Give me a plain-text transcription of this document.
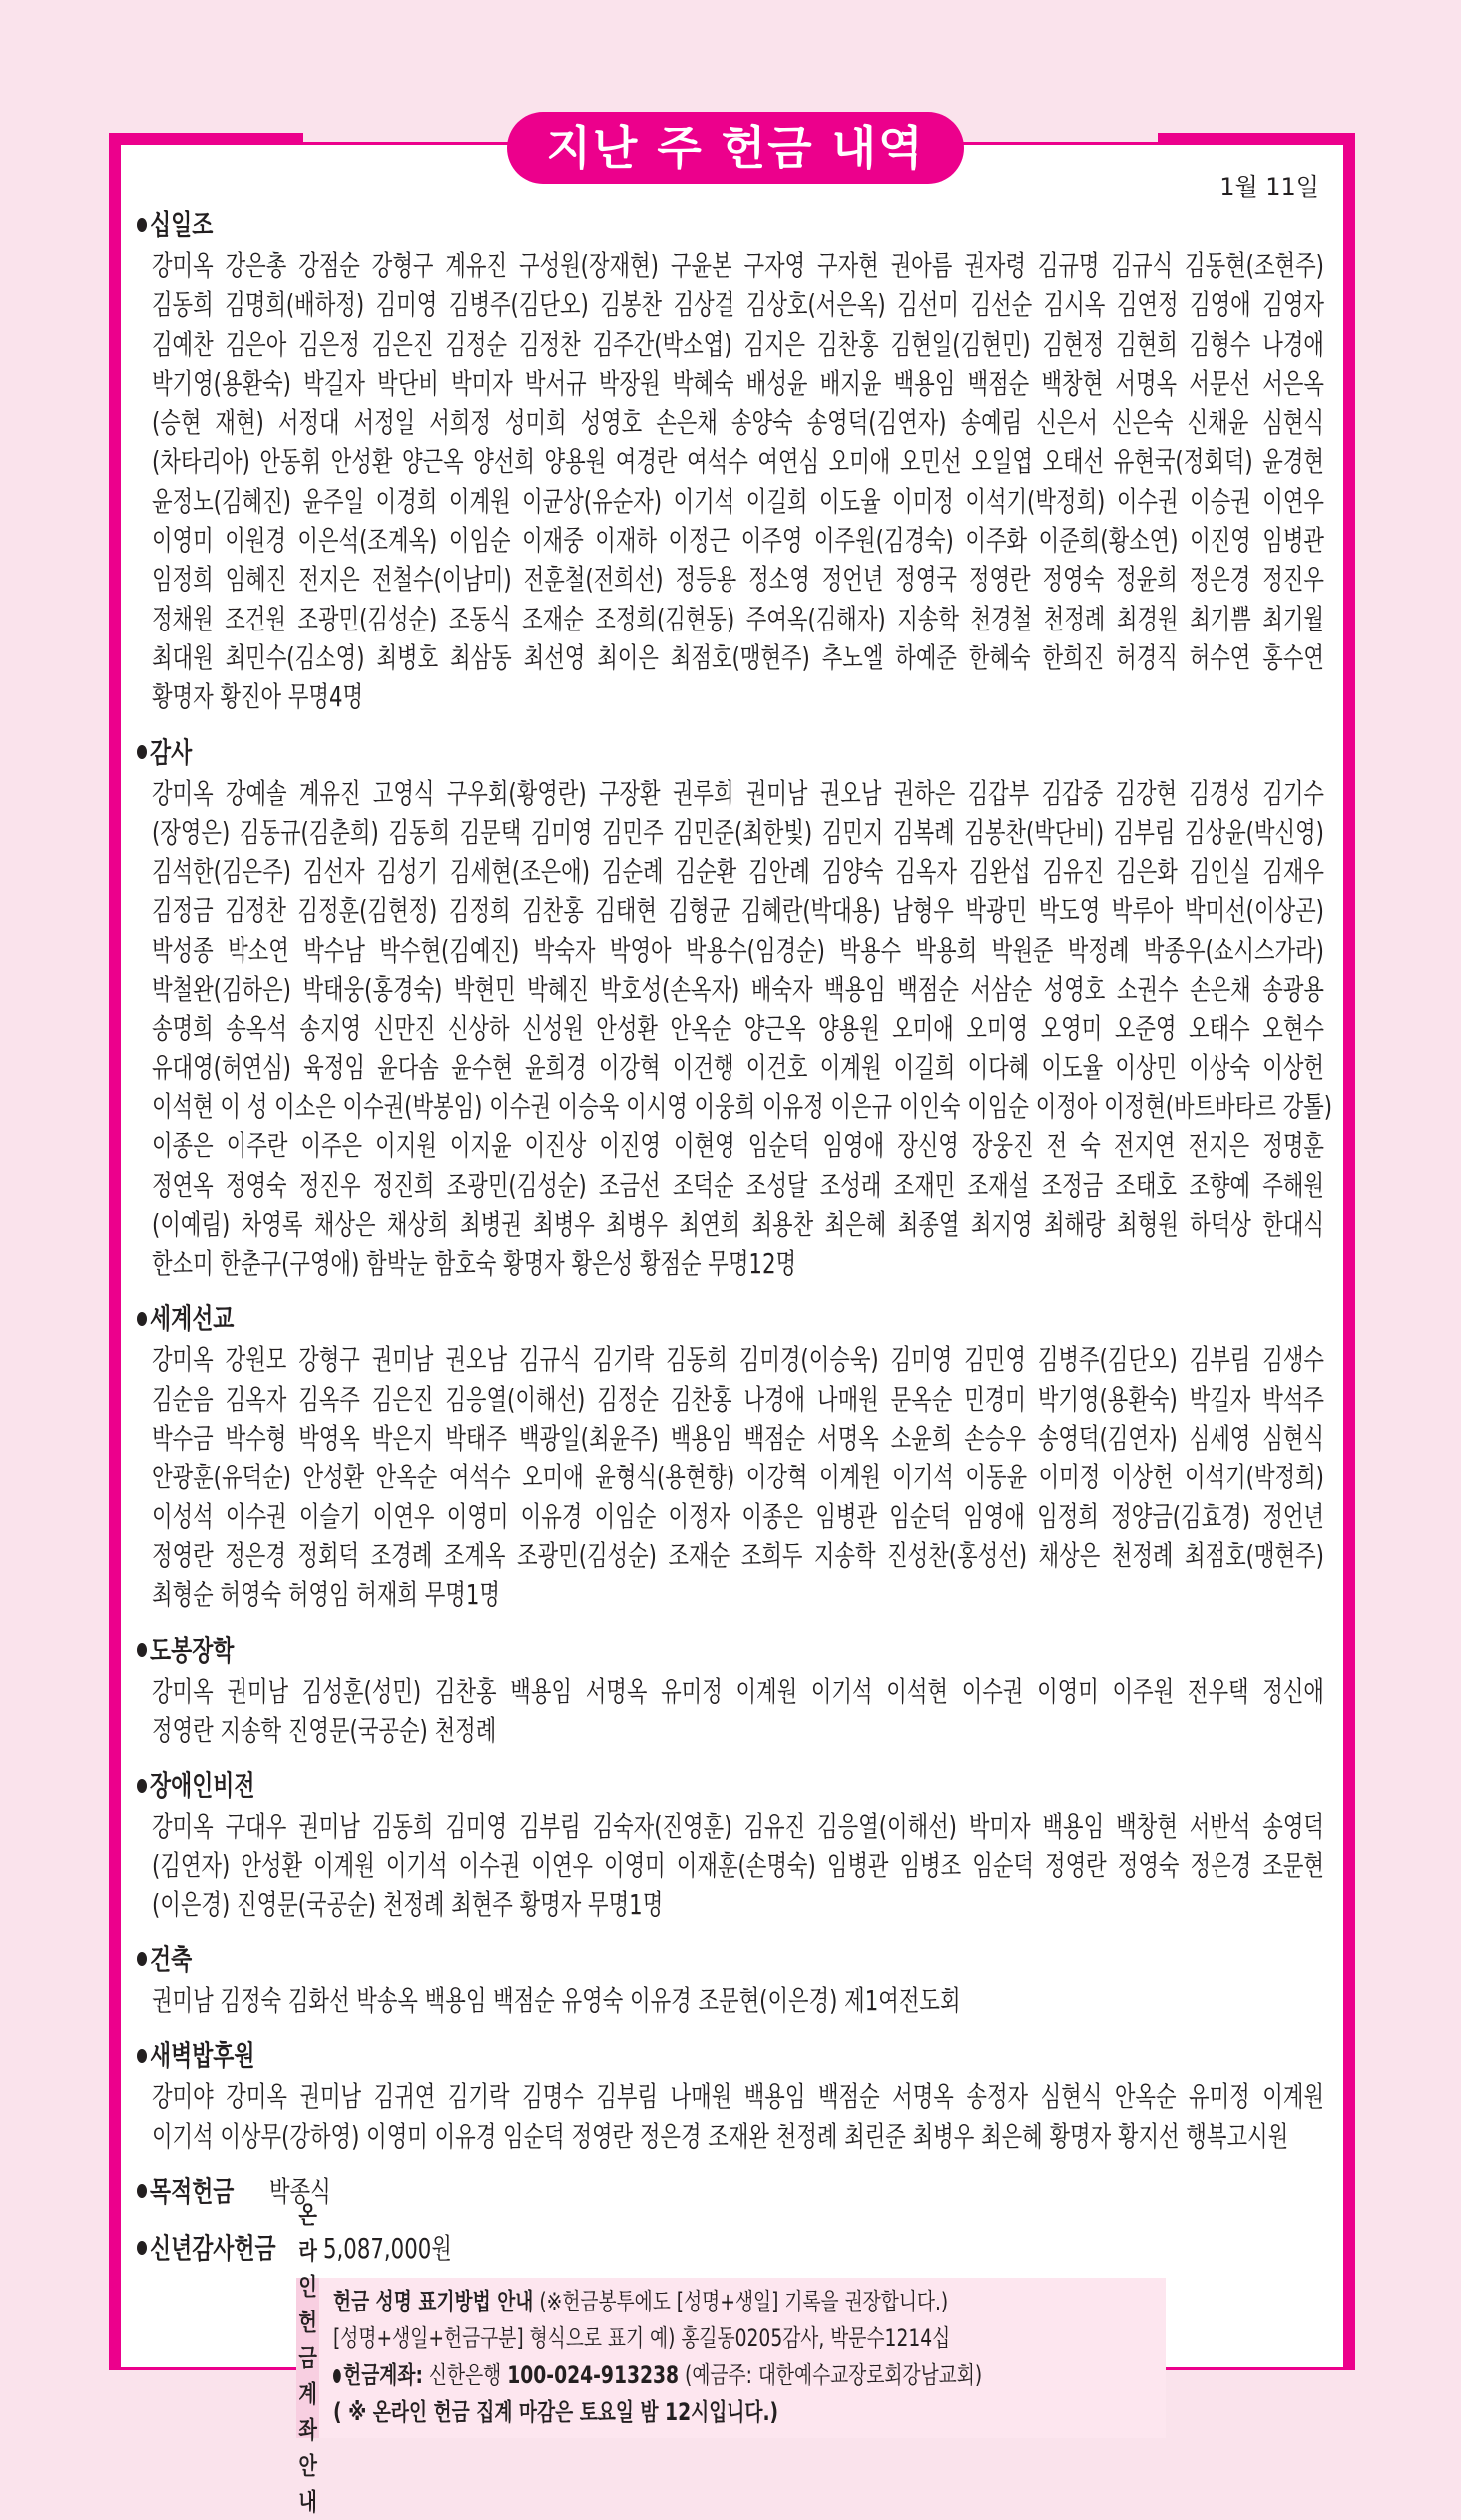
지난 주 헌금 내역
1월 11일
십일조
강미옥 강은총 강점순 강형구 계유진 구성원(장재현) 구윤본 구자영 구자현 권아름 권자령 김규명 김규식 김동현(조현주)
김동희 김명희(배하정) 김미영 김병주(김단오) 김봉찬 김상걸 김상호(서은옥) 김선미 김선순 김시옥 김연정 김영애 김영자
김예찬 김은아 김은정 김은진 김정순 김정찬 김주간(박소엽) 김지은 김찬홍 김현일(김현민) 김현정 김현희 김형수 나경애
박기영(용환숙) 박길자 박단비 박미자 박서규 박장원 박혜숙 배성윤 배지윤 백용임 백점순 백창현 서명옥 서문선 서은옥
(승현 재현) 서정대 서정일 서희정 성미희 성영호 손은채 송양숙 송영덕(김연자) 송예림 신은서 신은숙 신채윤 심현식
(차타리아) 안동휘 안성환 양근옥 양선희 양용원 여경란 여석수 여연심 오미애 오민선 오일엽 오태선 유현국(정회덕) 윤경현
윤정노(김혜진) 윤주일 이경희 이계원 이균상(유순자) 이기석 이길희 이도율 이미정 이석기(박정희) 이수권 이승권 이연우
이영미 이원경 이은석(조계옥) 이임순 이재중 이재하 이정근 이주영 이주원(김경숙) 이주화 이준희(황소연) 이진영 임병관
임정희 임혜진 전지은 전철수(이남미) 전훈철(전희선) 정등용 정소영 정언년 정영국 정영란 정영숙 정윤희 정은경 정진우
정채원 조건원 조광민(김성순) 조동식 조재순 조정희(김현동) 주여옥(김해자) 지송학 천경철 천정례 최경원 최기쁨 최기월
최대원 최민수(김소영) 최병호 최삼동 최선영 최이은 최점호(맹현주) 추노엘 하예준 한혜숙 한희진 허경직 허수연 홍수연
황명자 황진아 무명4명
감사
강미옥 강예솔 계유진 고영식 구우회(황영란) 구장환 권루희 권미남 권오남 권하은 김갑부 김갑중 김강현 김경성 김기수
(장영은) 김동규(김춘희) 김동희 김문택 김미영 김민주 김민준(최한빛) 김민지 김복례 김봉찬(박단비) 김부림 김상윤(박신영)
김석한(김은주) 김선자 김성기 김세현(조은애) 김순례 김순환 김안례 김양숙 김옥자 김완섭 김유진 김은화 김인실 김재우
김정금 김정찬 김정훈(김현정) 김정희 김찬홍 김태현 김형균 김혜란(박대용) 남형우 박광민 박도영 박루아 박미선(이상곤)
박성종 박소연 박수남 박수현(김예진) 박숙자 박영아 박용수(임경순) 박용수 박용희 박원준 박정례 박종우(쇼시스가라)
박철완(김하은) 박태웅(홍경숙) 박현민 박혜진 박호성(손옥자) 배숙자 백용임 백점순 서삼순 성영호 소권수 손은채 송광용
송명희 송옥석 송지영 신만진 신상하 신성원 안성환 안옥순 양근옥 양용원 오미애 오미영 오영미 오준영 오태수 오현수
유대영(허연심) 육정임 윤다솜 윤수현 윤희경 이강혁 이건행 이건호 이계원 이길희 이다혜 이도율 이상민 이상숙 이상헌
이석현 이 성 이소은 이수권(박봉임) 이수권 이승욱 이시영 이웅희 이유정 이은규 이인숙 이임순 이정아 이정현(바트바타르 강톨)
이종은 이주란 이주은 이지원 이지윤 이진상 이진영 이현영 임순덕 임영애 장신영 장웅진 전 숙 전지연 전지은 정명훈
정연옥 정영숙 정진우 정진희 조광민(김성순) 조금선 조덕순 조성달 조성래 조재민 조재설 조정금 조태호 조향예 주해원
(이예림) 차영록 채상은 채상희 최병권 최병우 최병우 최연희 최용찬 최은혜 최종열 최지영 최해랑 최형원 하덕상 한대식
한소미 한춘구(구영애) 함박눈 함호숙 황명자 황은성 황점순 무명12명
세계선교
강미옥 강원모 강형구 권미남 권오남 김규식 김기락 김동희 김미경(이승욱) 김미영 김민영 김병주(김단오) 김부림 김생수
김순음 김옥자 김옥주 김은진 김응열(이해선) 김정순 김찬홍 나경애 나매원 문옥순 민경미 박기영(용환숙) 박길자 박석주
박수금 박수형 박영옥 박은지 박태주 백광일(최윤주) 백용임 백점순 서명옥 소윤희 손승우 송영덕(김연자) 심세영 심현식
안광훈(유덕순) 안성환 안옥순 여석수 오미애 윤형식(용현향) 이강혁 이계원 이기석 이동윤 이미정 이상헌 이석기(박정희)
이성석 이수권 이슬기 이연우 이영미 이유경 이임순 이정자 이종은 임병관 임순덕 임영애 임정희 정양금(김효경) 정언년
정영란 정은경 정회덕 조경례 조계옥 조광민(김성순) 조재순 조희두 지송학 진성찬(홍성선) 채상은 천정례 최점호(맹현주)
최형순 허영숙 허영임 허재희 무명1명
도봉장학
강미옥 권미남 김성훈(성민) 김찬홍 백용임 서명옥 유미정 이계원 이기석 이석현 이수권 이영미 이주원 전우택 정신애
정영란 지송학 진영문(국공순) 천정례
장애인비전
강미옥 구대우 권미남 김동희 김미영 김부림 김숙자(진영훈) 김유진 김응열(이해선) 박미자 백용임 백창현 서반석 송영덕
(김연자) 안성환 이계원 이기석 이수권 이연우 이영미 이재훈(손명숙) 임병관 임병조 임순덕 정영란 정영숙 정은경 조문현
(이은경) 진영문(국공순) 천정례 최현주 황명자 무명1명
건축
권미남 김정숙 김화선 박송옥 백용임 백점순 유영숙 이유경 조문현(이은경) 제1여전도회
새벽밥후원
강미야 강미옥 권미남 김귀연 김기락 김명수 김부림 나매원 백용임 백점순 서명옥 송정자 심현식 안옥순 유미정 이계원
이기석 이상무(강하영) 이영미 이유경 임순덕 정영란 정은경 조재완 천정례 최린준 최병우 최은혜 황명자 황지선 행복고시원
목적헌금 박종식
신년감사헌금 5,087,000원
온라인헌금
계좌 안내
헌금 성명 표기방법 안내 (※헌금봉투에도 [성명+생일] 기록을 권장합니다.)
[성명+생일+헌금구분] 형식으로 표기 예) 홍길동0205감사, 박문수1214십
헌금계좌: 신한은행 100-024-913238 (예금주: 대한예수교장로회강남교회)
( ※ 온라인 헌금 집계 마감은 토요일 밤 12시입니다.)
